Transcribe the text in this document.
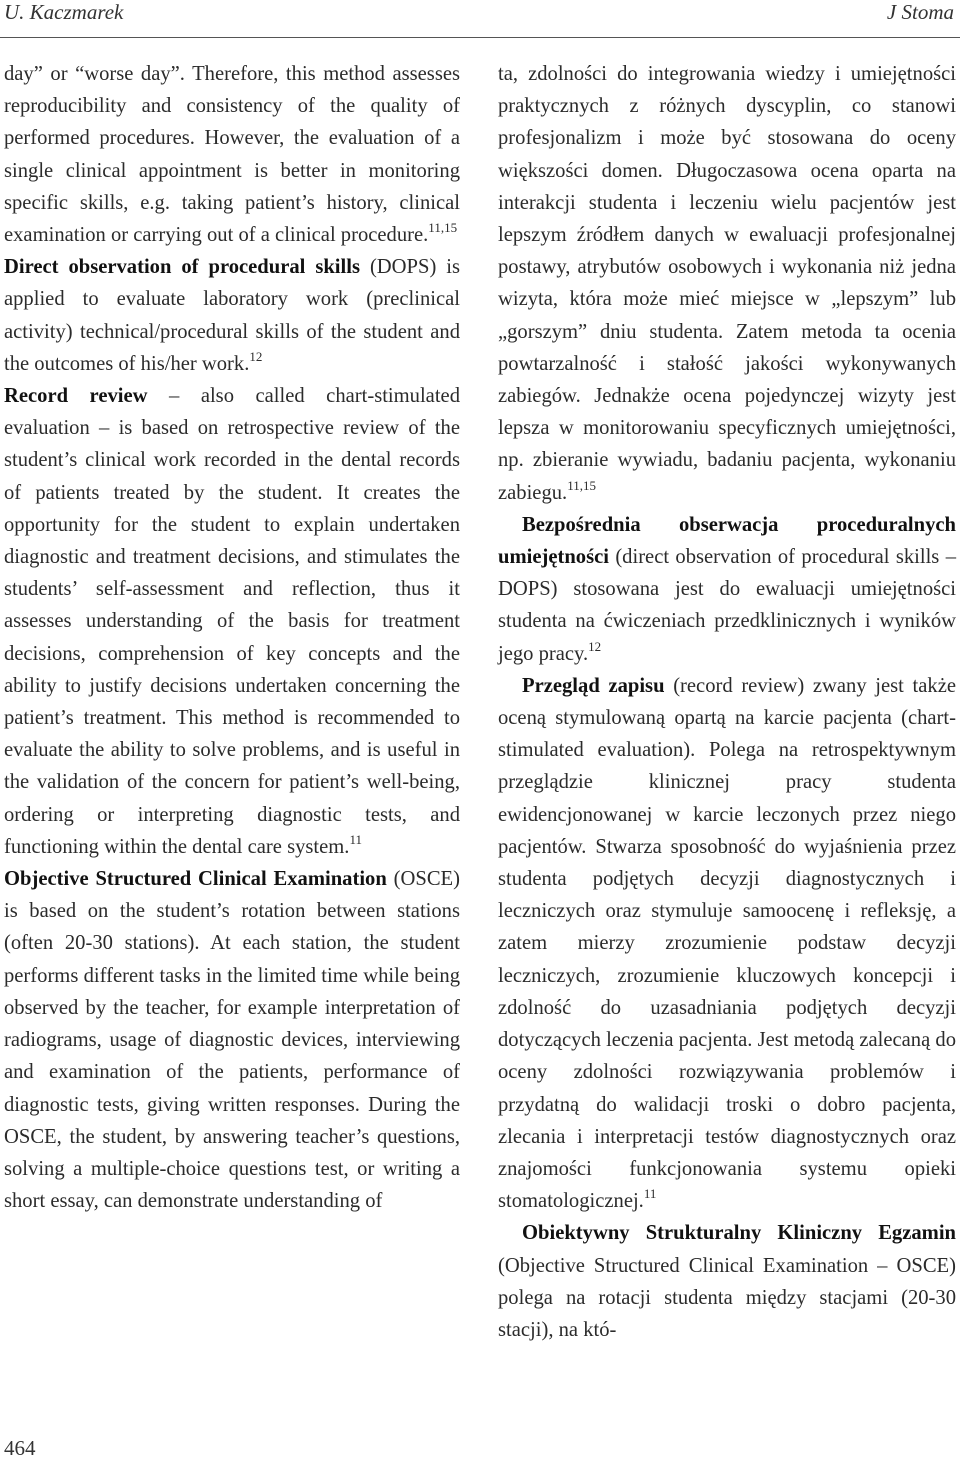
U. Kaczmarek	J Stoma

day” or “worse day”. Therefore, this method assesses reproducibility and consistency of the quality of performed procedures. However, the evaluation of a single clinical appointment is better in monitoring specific skills, e.g. taking patient’s history, clinical examination or carrying out of a clinical procedure.$^{11,15}$

Direct observation of procedural skills (DOPS) is applied to evaluate laboratory work (preclinical activity) technical/procedural skills of the student and the outcomes of his/her work.$^{12}$

Record review – also called chart-stimulated evaluation – is based on retrospective review of the student’s clinical work recorded in the dental records of patients treated by the student. It creates the opportunity for the student to explain undertaken diagnostic and treatment decisions, and stimulates the students’ self-assessment and reflection, thus it assesses understanding of the basis for treatment decisions, comprehension of key concepts and the ability to justify decisions undertaken concerning the patient’s treatment. This method is recommended to evaluate the ability to solve problems, and is useful in the validation of the concern for patient’s well-being, ordering or interpreting diagnostic tests, and functioning within the dental care system.$^{11}$

Objective Structured Clinical Examination (OSCE) is based on the student’s rotation between stations (often 20-30 stations). At each station, the student performs different tasks in the limited time while being observed by the teacher, for example interpretation of radiograms, usage of diagnostic devices, interviewing and examination of the patients, performance of diagnostic tests, giving written responses. During the OSCE, the student, by answering teacher’s questions, solving a multiple-choice questions test, or writing a short essay, can demonstrate understanding of

ta, zdolności do integrowania wiedzy i umiejętności praktycznych z różnych dyscyplin, co stanowi profesjonalizm i może być stosowana do oceny większości domen. Długoczasowa ocena oparta na interakcji studenta i leczeniu wielu pacjentów jest lepszym źródłem danych w ewaluacji profesjonalnej postawy, atrybutów osobowych i wykonania niż jedna wizyta, która może mieć miejsce w „lepszym” lub „gorszym” dniu studenta. Zatem metoda ta ocenia powtarzalność i stałość jakości wykonywanych zabiegów. Jednakże ocena pojedynczej wizyty jest lepsza w monitorowaniu specyficznych umiejętności, np. zbieranie wywiadu, badaniu pacjenta, wykonaniu zabiegu.$^{11,15}$

Bezpośrednia obserwacja proceduralnych umiejętności (direct observation of procedural skills – DOPS) stosowana jest do ewaluacji umiejętności studenta na ćwiczeniach przedklinicznych i wyników jego pracy.$^{12}$

Przegląd zapisu (record review) zwany jest także oceną stymulowaną opartą na karcie pacjenta (chart-stimulated evaluation). Polega na retrospektywnym przeglądzie klinicznej pracy studenta ewidencjonowanej w karcie leczonych przez niego pacjentów. Stwarza sposobność do wyjaśnienia przez studenta podjętych decyzji diagnostycznych i leczniczych oraz stymuluje samoocenę i refleksję, a zatem mierzy zrozumienie podstaw decyzji leczniczych, zrozumienie kluczowych koncepcji i zdolność do uzasadniania podjętych decyzji dotyczących leczenia pacjenta. Jest metodą zalecaną do oceny zdolności rozwiązywania problemów i przydatną do walidacji troski o dobro pacjenta, zlecania i interpretacji testów diagnostycznych oraz znajomości funkcjonowania systemu opieki stomatologicznej.$^{11}$

Obiektywny Strukturalny Kliniczny Egzamin (Objective Structured Clinical Examination – OSCE) polega na rotacji studenta między stacjami (20-30 stacji), na któ-

464
